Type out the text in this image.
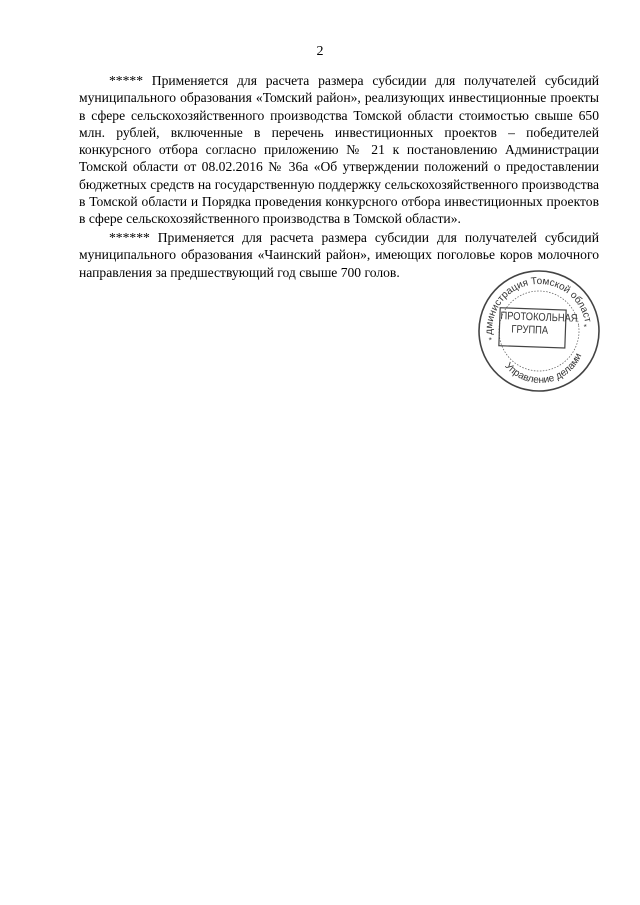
2

***** Применяется для расчета размера субсидии для получателей субсидий муниципального образования «Томский район», реализующих инвестиционные проекты в сфере сельскохозяйственного производства Томской области стоимостью свыше 650 млн. рублей, включенные в перечень инвестиционных проектов – победителей конкурсного отбора согласно приложению № 21 к постановлению Администрации Томской области от 08.02.2016 № 36а «Об утверждении положений о предоставлении бюджетных средств на государственную поддержку сельскохозяйственного производства в Томской области и Порядка проведения конкурсного отбора инвестиционных проектов в сфере сельскохозяйственного производства в Томской области».

****** Применяется для расчета размера субсидии для получателей субсидий муниципального образования «Чаинский район», имеющих поголовье коров молочного направления за предшествующий год свыше 700 голов.	Администрация Томской области
Управление делами
*
*
ПРОТОКОЛЬНАЯ
ГРУППА
